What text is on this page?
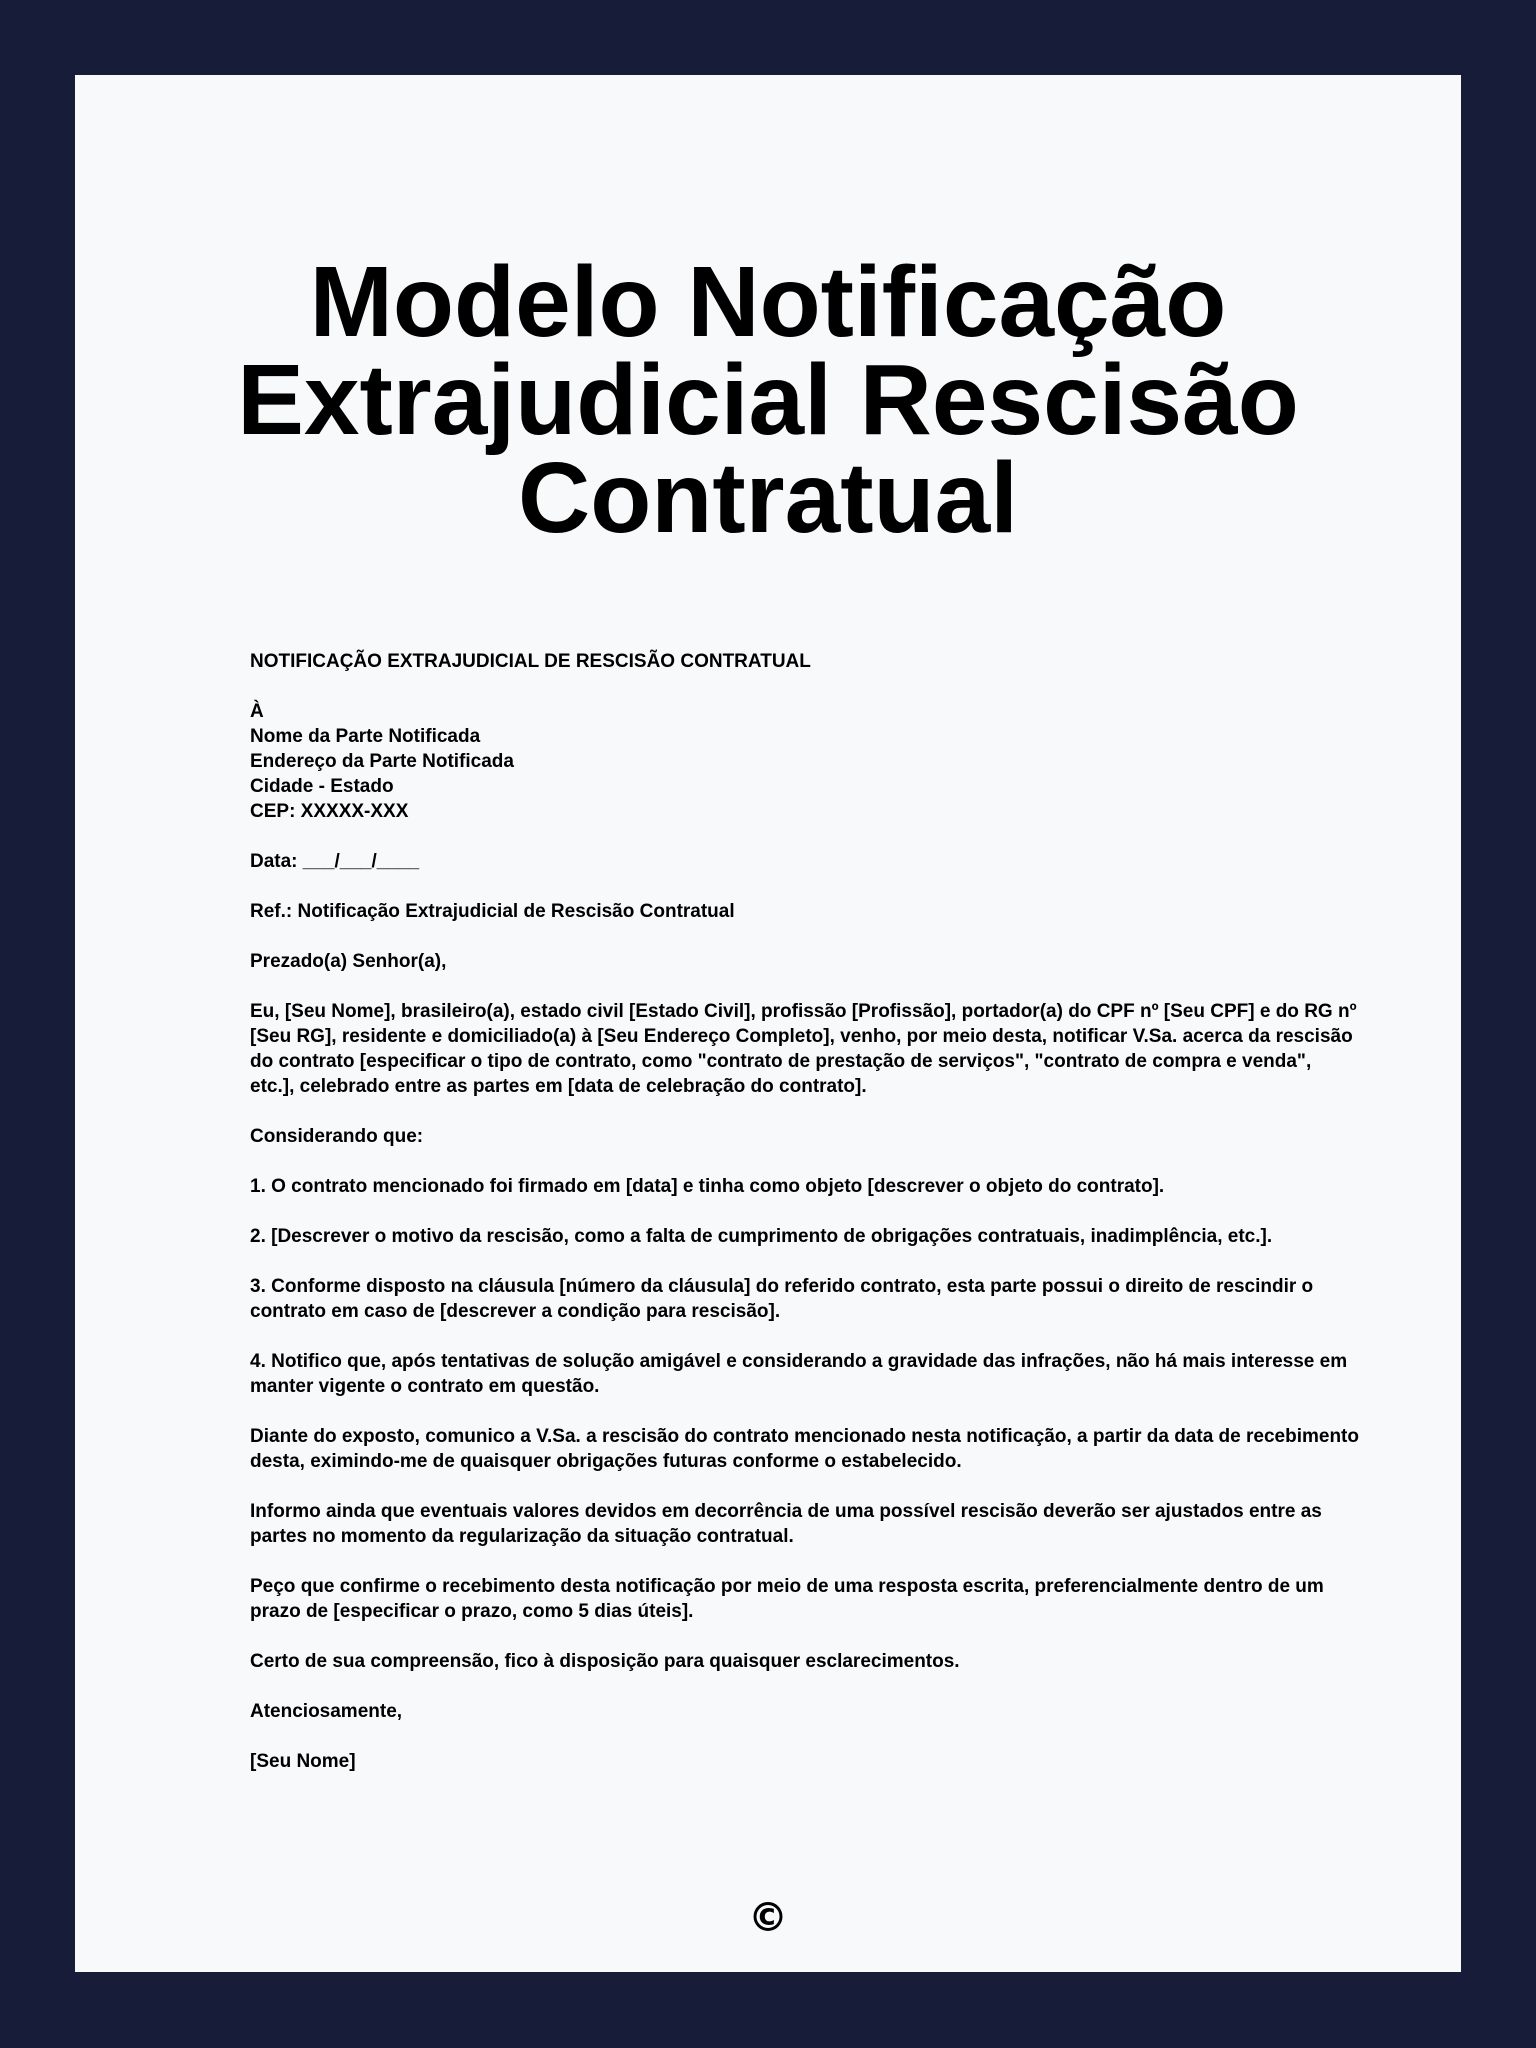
Modelo Notificação Extrajudicial Rescisão Contratual

NOTIFICAÇÃO EXTRAJUDICIAL DE RESCISÃO CONTRATUAL

À
Nome da Parte Notificada
Endereço da Parte Notificada
Cidade - Estado
CEP: XXXXX-XXX

Data: ___/___/____

Ref.: Notificação Extrajudicial de Rescisão Contratual

Prezado(a) Senhor(a),

Eu, [Seu Nome], brasileiro(a), estado civil [Estado Civil], profissão [Profissão], portador(a) do CPF nº [Seu CPF] e do RG nº [Seu RG], residente e domiciliado(a) à [Seu Endereço Completo], venho, por meio desta, notificar V.Sa. acerca da rescisão do contrato [especificar o tipo de contrato, como "contrato de prestação de serviços", "contrato de compra e venda", etc.], celebrado entre as partes em [data de celebração do contrato].

Considerando que:

1. O contrato mencionado foi firmado em [data] e tinha como objeto [descrever o objeto do contrato].

2. [Descrever o motivo da rescisão, como a falta de cumprimento de obrigações contratuais, inadimplência, etc.].

3. Conforme disposto na cláusula [número da cláusula] do referido contrato, esta parte possui o direito de rescindir o contrato em caso de [descrever a condição para rescisão].

4. Notifico que, após tentativas de solução amigável e considerando a gravidade das infrações, não há mais interesse em manter vigente o contrato em questão.

Diante do exposto, comunico a V.Sa. a rescisão do contrato mencionado nesta notificação, a partir da data de recebimento desta, eximindo-me de quaisquer obrigações futuras conforme o estabelecido.

Informo ainda que eventuais valores devidos em decorrência de uma possível rescisão deverão ser ajustados entre as partes no momento da regularização da situação contratual.

Peço que confirme o recebimento desta notificação por meio de uma resposta escrita, preferencialmente dentro de um prazo de [especificar o prazo, como 5 dias úteis].

Certo de sua compreensão, fico à disposição para quaisquer esclarecimentos.

Atenciosamente,

[Seu Nome]

©
